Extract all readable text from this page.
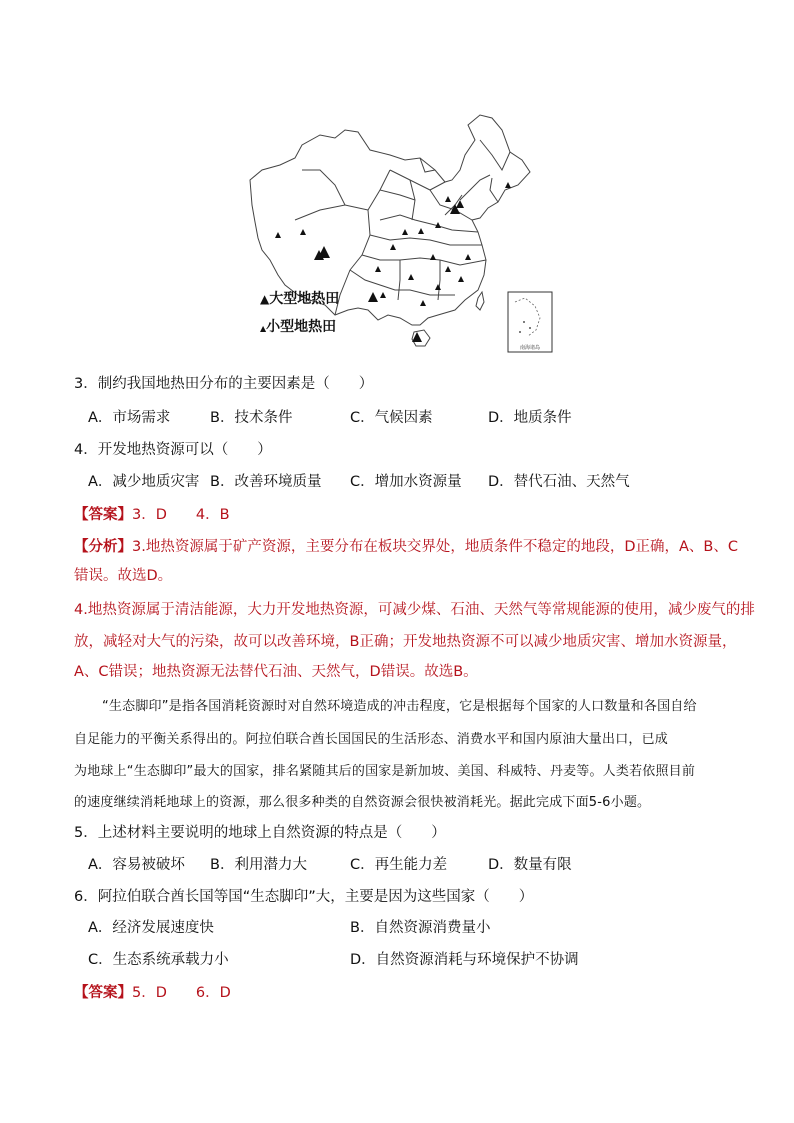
南海诸岛
▲大型地热田
▲小型地热田
3．制约我国地热田分布的主要因素是（　　）
A．市场需求	B．技术条件	C．气候因素	D．地质条件
4．开发地热资源可以（　　）
A．减少地质灾害 B．改善环境质量 C．增加水资源量 D．替代石油、天然气
【答案】3．D　　4．B
【分析】3.地热资源属于矿产资源，主要分布在板块交界处，地质条件不稳定的地段，D正确，A、B、C
错误。故选D。
4.地热资源属于清洁能源，大力开发地热资源，可减少煤、石油、天然气等常规能源的使用，减少废气的排
放，减轻对大气的污染，故可以改善环境，B正确；开发地热资源不可以减少地质灾害、增加水资源量，
A、C错误；地热资源无法替代石油、天然气，D错误。故选B。
“生态脚印”是指各国消耗资源时对自然环境造成的冲击程度，它是根据每个国家的人口数量和各国自给
自足能力的平衡关系得出的。阿拉伯联合酋长国国民的生活形态、消费水平和国内原油大量出口，已成
为地球上“生态脚印”最大的国家，排名紧随其后的国家是新加坡、美国、科威特、丹麦等。人类若依照目前
的速度继续消耗地球上的资源，那么很多种类的自然资源会很快被消耗光。据此完成下面5-6小题。
5．上述材料主要说明的地球上自然资源的特点是（　　）
A．容易被破坏 B．利用潜力大	C．再生能力差	D．数量有限
6．阿拉伯联合酋长国等国“生态脚印”大，主要是因为这些国家（　　）
A．经济发展速度快	B．自然资源消费量小
C．生态系统承载力小	D．自然资源消耗与环境保护不协调
【答案】5．D　　6．D
